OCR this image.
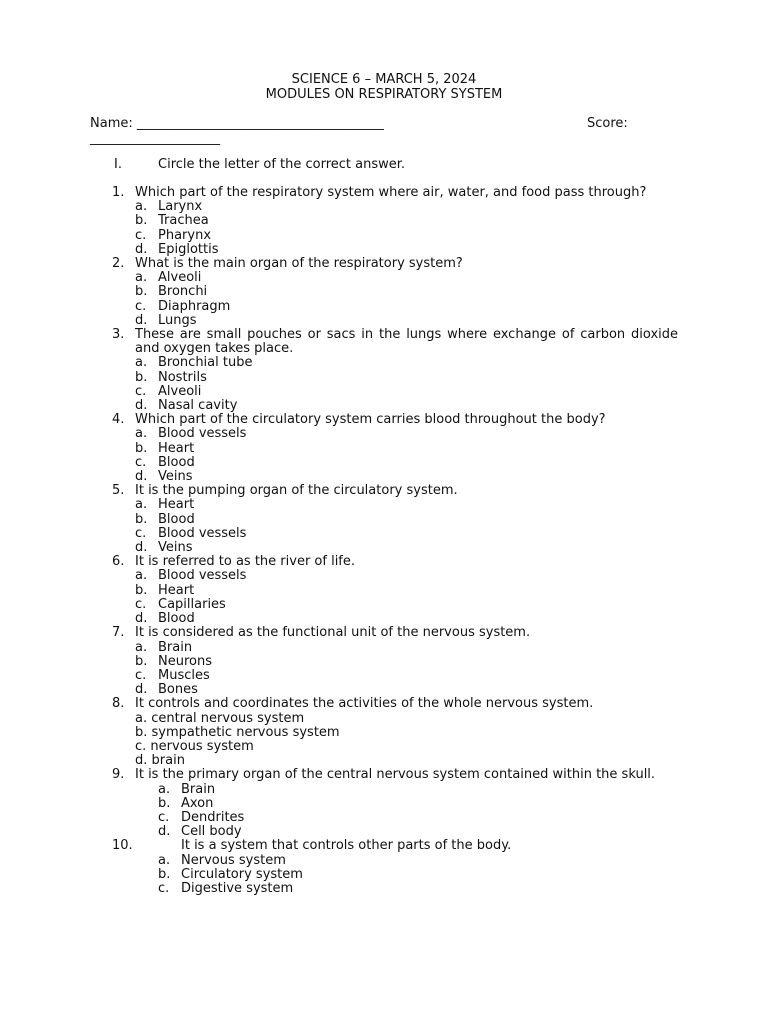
SCIENCE 6 – MARCH 5, 2024
MODULES ON RESPIRATORY SYSTEM
Name: ______________________________________	Score:
____________________
I.	Circle the letter of the correct answer.
1. Which part of the respiratory system where air, water, and food pass through?
a. Larynx
b. Trachea
c. Pharynx
d. Epiglottis
2. What is the main organ of the respiratory system?
a. Alveoli
b. Bronchi
c. Diaphragm
d. Lungs
3. These are small pouches or sacs in the lungs where exchange of carbon dioxide and oxygen takes place.
a. Bronchial tube
b. Nostrils
c. Alveoli
d. Nasal cavity
4. Which part of the circulatory system carries blood throughout the body?
a. Blood vessels
b. Heart
c. Blood
d. Veins
5. It is the pumping organ of the circulatory system.
a. Heart
b. Blood
c. Blood vessels
d. Veins
6. It is referred to as the river of life.
a. Blood vessels
b. Heart
c. Capillaries
d. Blood
7. It is considered as the functional unit of the nervous system.
a. Brain
b. Neurons
c. Muscles
d. Bones
8. It controls and coordinates the activities of the whole nervous system.
a. central nervous system
b. sympathetic nervous system
c. nervous system
d. brain
9. It is the primary organ of the central nervous system contained within the skull.
a. Brain
b. Axon
c. Dendrites
d. Cell body
10.	It is a system that controls other parts of the body.
a. Nervous system
b. Circulatory system
c. Digestive system
